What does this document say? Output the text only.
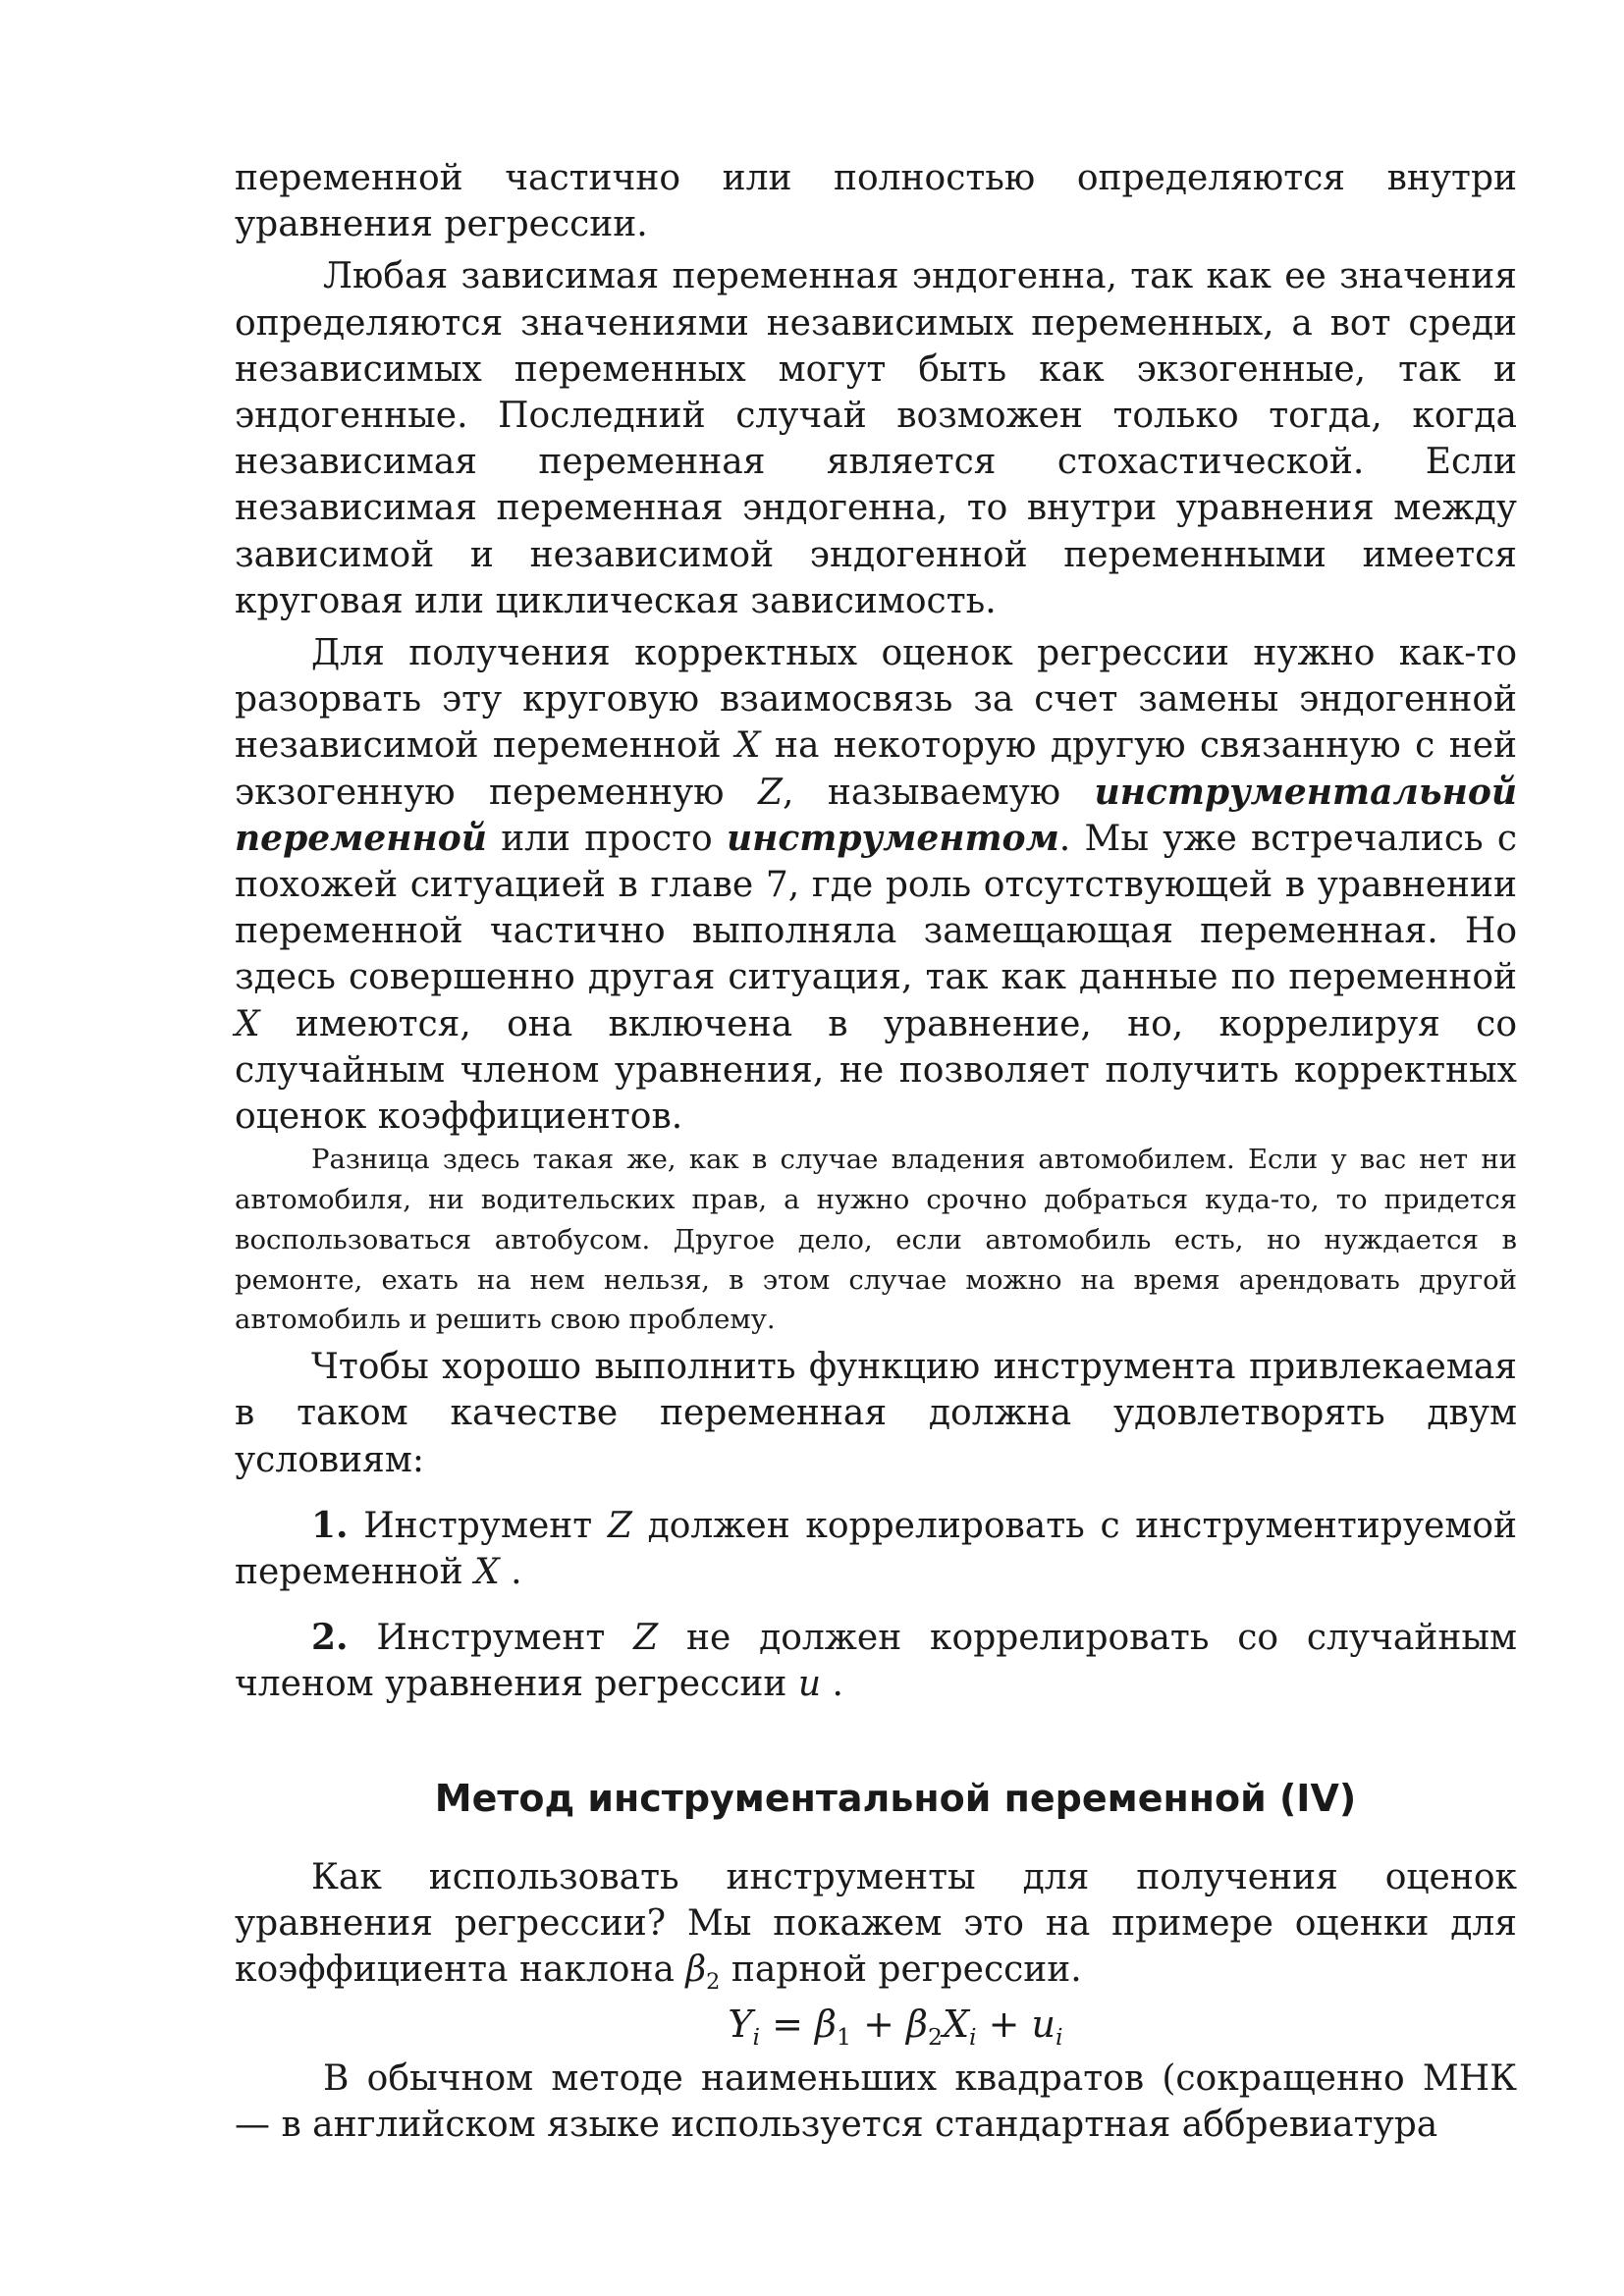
переменной частично или полностью определяются внутри уравнения регрессии.

Любая зависимая переменная эндогенна, так как ее значения определяются значениями независимых переменных, а вот среди независимых переменных могут быть как экзогенные, так и эндогенные. Последний случай возможен только тогда, когда независимая переменная является стохастической. Если независимая переменная эндогенна, то внутри уравнения между зависимой и независимой эндогенной переменными имеется круговая или циклическая зависимость.

Для получения корректных оценок регрессии нужно как-то разорвать эту круговую взаимосвязь за счет замены эндогенной независимой переменной X на некоторую другую связанную с ней экзогенную переменную Z, называемую инструментальной переменной или просто инструментом. Мы уже встречались с похожей ситуацией в главе 7, где роль отсутствующей в уравнении переменной частично выполняла замещающая переменная. Но здесь совершенно другая ситуация, так как данные по переменной X имеются, она включена в уравнение, но, коррелируя со случайным членом уравнения, не позволяет получить корректных оценок коэффициентов.

Разница здесь такая же, как в случае владения автомобилем. Если у вас нет ни автомобиля, ни водительских прав, а нужно срочно добраться куда-то, то придется воспользоваться автобусом. Другое дело, если автомобиль есть, но нуждается в ремонте, ехать на нем нельзя, в этом случае можно на время арендовать другой автомобиль и решить свою проблему.

Чтобы хорошо выполнить функцию инструмента привлекаемая в таком качестве переменная должна удовлетворять двум условиям:

1. Инструмент Z должен коррелировать с инструментируемой переменной X .

2. Инструмент Z не должен коррелировать со случайным членом уравнения регрессии u .

Метод инструментальной переменной (IV)

Как использовать инструменты для получения оценок уравнения регрессии? Мы покажем это на примере оценки для коэффициента наклона $\beta_2$ парной регрессии.

$Y_i = \beta_1 + \beta_2X_i + u_i$

В обычном методе наименьших квадратов (сокращенно МНК — в английском языке используется стандартная аббревиатура
